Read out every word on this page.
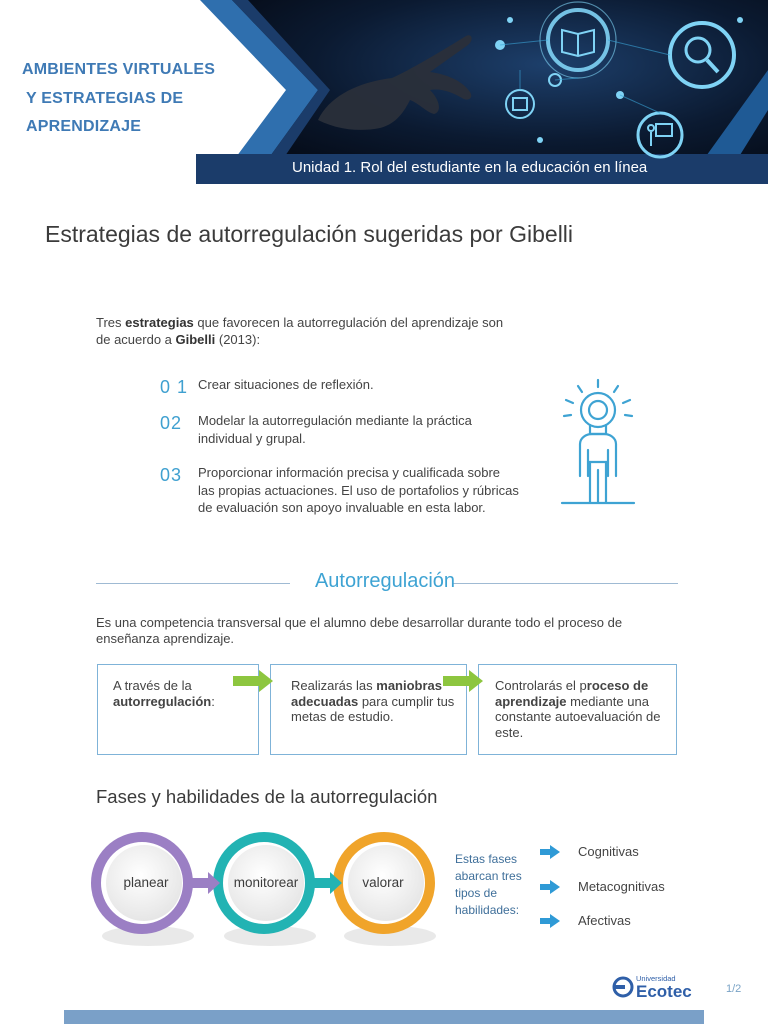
AMBIENTES VIRTUALES
Y ESTRATEGIAS DE
APRENDIZAJE
Unidad 1. Rol del estudiante en la educación en línea
Estrategias de autorregulación sugeridas por Gibelli

Tres estrategias que favorecen la autorregulación del aprendizaje son de acuerdo a Gibelli (2013):

0 1 Crear situaciones de reflexión.
02	Modelar la autorregulación mediante la práctica individual y grupal.
03	Proporcionar información precisa y cualificada sobre las propias actuaciones. El uso de portafolios y rúbricas de evaluación son apoyo invaluable en esta labor.
Autorregulación

Es una competencia transversal que el alumno debe desarrollar durante todo el proceso de enseñanza aprendizaje.

A través de la autorregulación:
Realizarás las maniobras adecuadas para cumplir tus metas de estudio.
Controlarás el proceso de aprendizaje mediante una constante autoevaluación de este.
Fases y habilidades de la autorregulación
planear	monitorear	valorar
Estas fases abarcan tres tipos de habilidades:
Cognitivas
Metacognitivas
Afectivas
Universidad
Ecotec	1/2
